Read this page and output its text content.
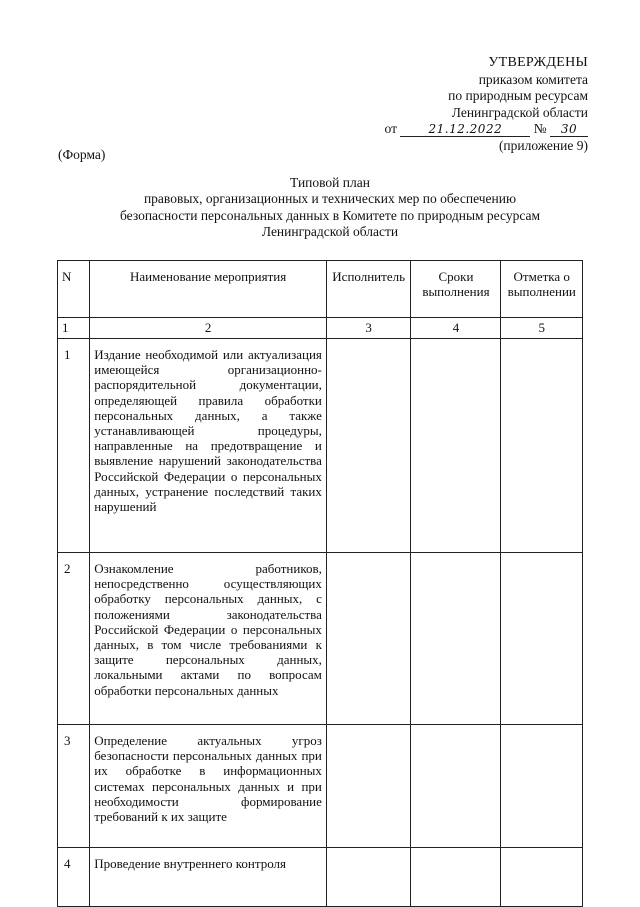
УТВЕРЖДЕНЫ
приказом комитета
по природным ресурсам
Ленинградской области
от	21.12.2022 № 30
(приложение 9)
(Форма)
Типовой план
правовых, организационных и технических мер по обеспечению
безопасности персональных данных в Комитете по природным ресурсам
Ленинградской области
N	Наименование мероприятия	Исполнитель	Сроки выполнения	Отметка о выполнении
1	2	3	4	5
1	Издание необходимой или актуализация имеющейся организационно-распорядительной документации, определяющей правила обработки персональных данных, а также устанавливающей процедуры, направленные на предотвращение и выявление нарушений законодательства Российской Федерации о персональных данных, устранение последствий таких нарушений			
2	Ознакомление работников, непосредственно осуществляющих обработку персональных данных, с положениями законодательства Российской Федерации о персональных данных, в том числе требованиями к защите персональных данных, локальными актами по вопросам обработки персональных данных			
3	Определение актуальных угроз безопасности персональных данных при их обработке в информационных системах персональных данных и при необходимости формирование требований к их защите			
4	Проведение внутреннего контроля			
